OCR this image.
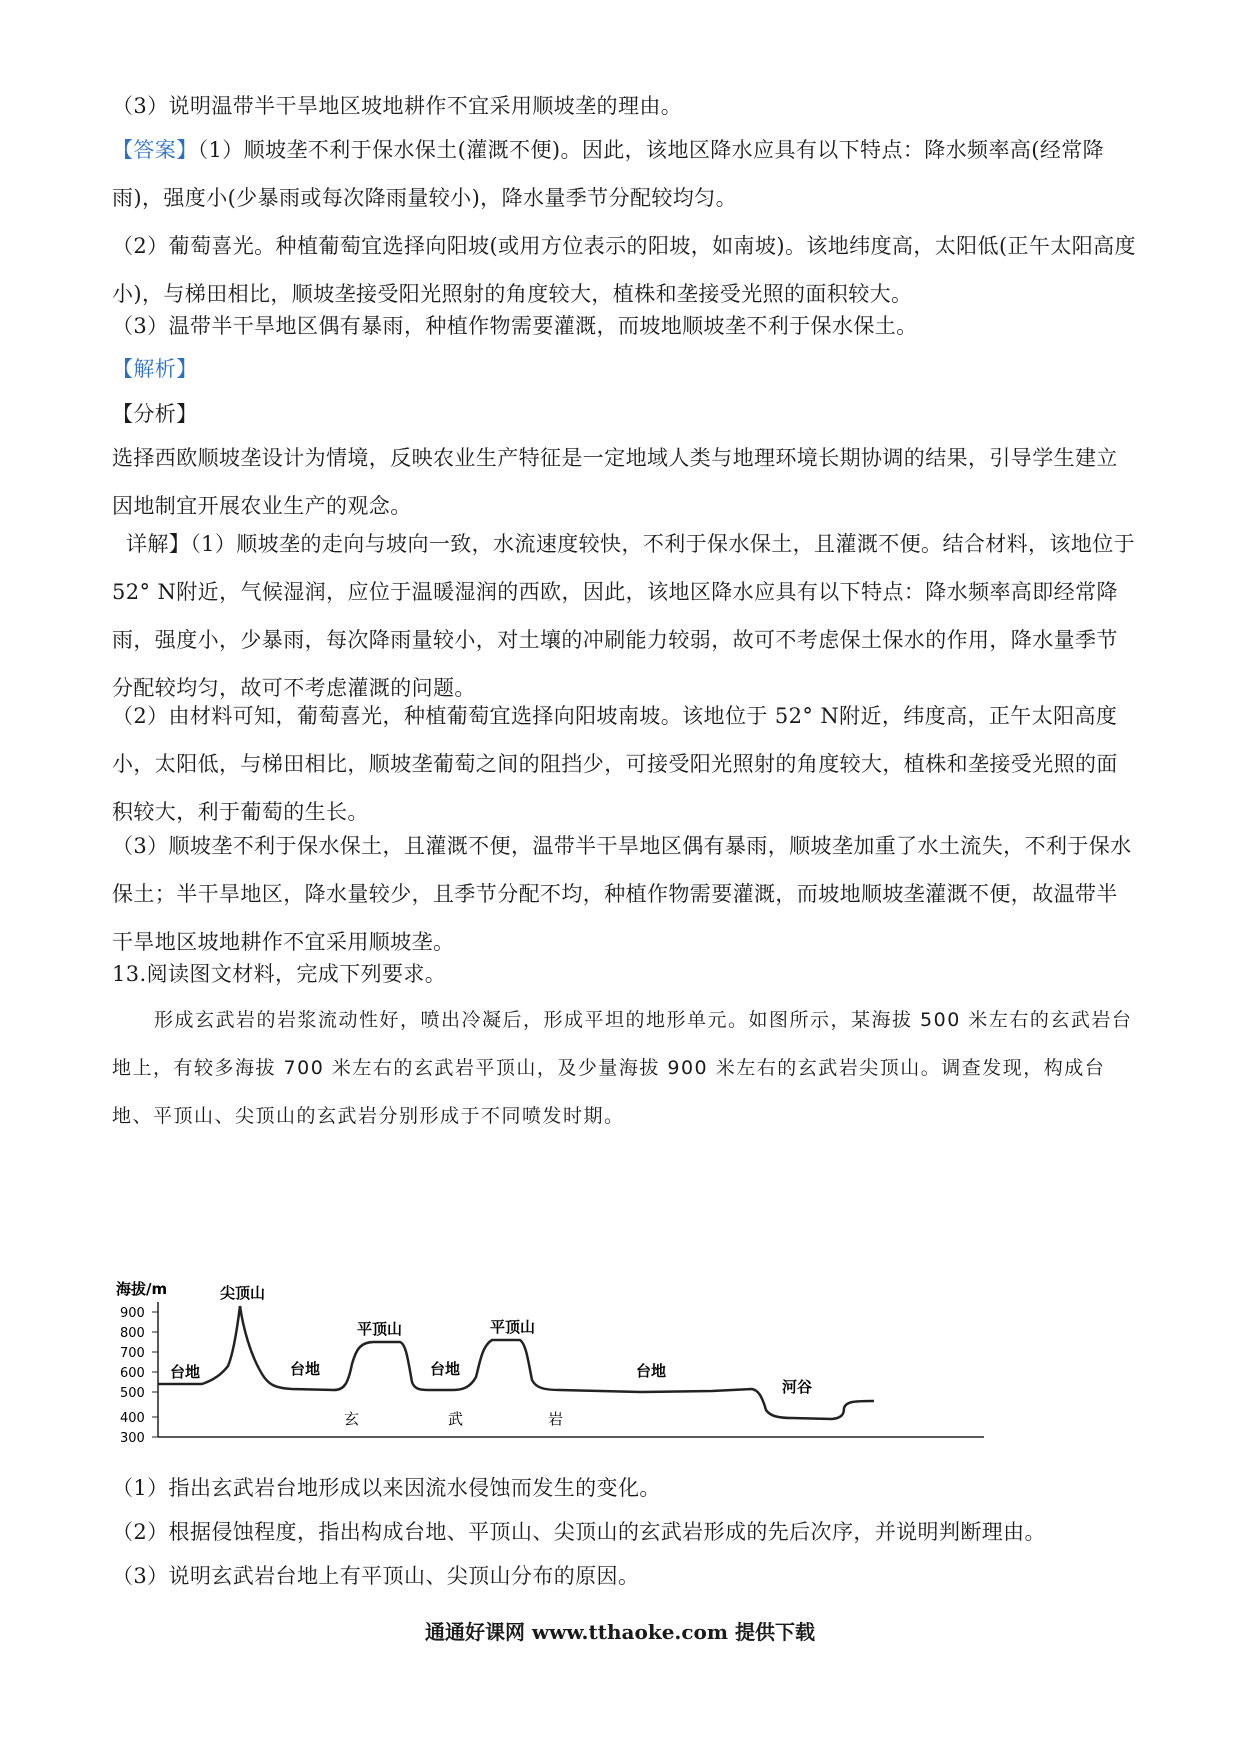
（3）说明温带半干旱地区坡地耕作不宜采用顺坡垄的理由。
【答案】（1）顺坡垄不利于保水保土(灌溉不便)。因此，该地区降水应具有以下特点：降水频率高(经常降雨)，强度小(少暴雨或每次降雨量较小)，降水量季节分配较均匀。
（2）葡萄喜光。种植葡萄宜选择向阳坡(或用方位表示的阳坡，如南坡)。该地纬度高，太阳低(正午太阳高度小)，与梯田相比，顺坡垄接受阳光照射的角度较大，植株和垄接受光照的面积较大。
（3）温带半干旱地区偶有暴雨，种植作物需要灌溉，而坡地顺坡垄不利于保水保土。
【解析】
【分析】
选择西欧顺坡垄设计为情境，反映农业生产特征是一定地域人类与地理环境长期协调的结果，引导学生建立因地制宜开展农业生产的观念。
详解】（1）顺坡垄的走向与坡向一致，水流速度较快，不利于保水保土，且灌溉不便。结合材料，该地位于 52° N附近，气候湿润，应位于温暖湿润的西欧，因此，该地区降水应具有以下特点：降水频率高即经常降雨，强度小，少暴雨，每次降雨量较小，对土壤的冲刷能力较弱，故可不考虑保土保水的作用，降水量季节分配较均匀，故可不考虑灌溉的问题。
（2）由材料可知，葡萄喜光，种植葡萄宜选择向阳坡南坡。该地位于 52° N附近，纬度高，正午太阳高度小，太阳低，与梯田相比，顺坡垄葡萄之间的阻挡少，可接受阳光照射的角度较大，植株和垄接受光照的面积较大，利于葡萄的生长。
（3）顺坡垄不利于保水保土，且灌溉不便，温带半干旱地区偶有暴雨，顺坡垄加重了水土流失，不利于保水保土；半干旱地区，降水量较少，且季节分配不均，种植作物需要灌溉，而坡地顺坡垄灌溉不便，故温带半干旱地区坡地耕作不宜采用顺坡垄。
13.阅读图文材料，完成下列要求。
形成玄武岩的岩浆流动性好，喷出冷凝后，形成平坦的地形单元。如图所示，某海拔 500 米左右的玄武岩台地上，有较多海拔 700 米左右的玄武岩平顶山，及少量海拔 900 米左右的玄武岩尖顶山。调查发现，构成台地、平顶山、尖顶山的玄武岩分别形成于不同喷发时期。
海拔/m
900
800
700
600
500
400
300
尖顶山
平顶山	平顶山
台地	台地	台地	台地
河谷
玄	武	岩
（1）指出玄武岩台地形成以来因流水侵蚀而发生的变化。
（2）根据侵蚀程度，指出构成台地、平顶山、尖顶山的玄武岩形成的先后次序，并说明判断理由。
（3）说明玄武岩台地上有平顶山、尖顶山分布的原因。
通通好课网 www.tthaoke.com 提供下载
